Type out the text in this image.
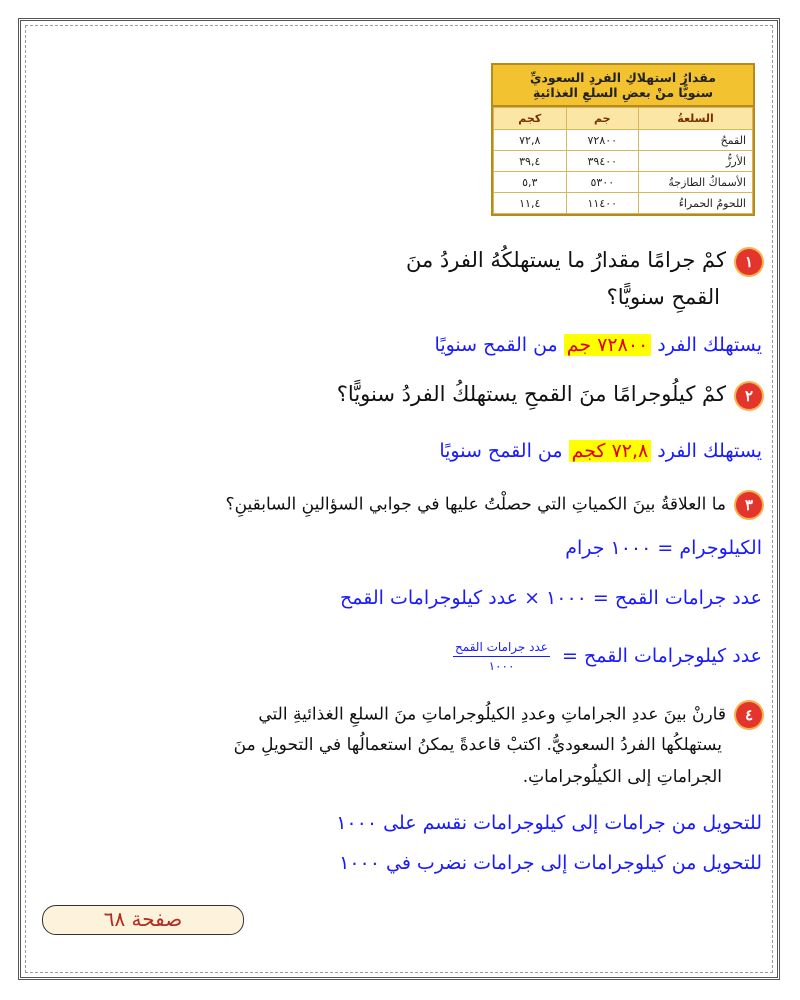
مقدارُ استهلاكِ الفردِ السعوديِّ
سنويًّا منْ بعضِ السلعِ الغذائيةِ
السلعةُ	جم	كجم
القمحُ	٧٢٨٠٠	٧٢,٨
الأرزُّ	٣٩٤٠٠	٣٩,٤
الأسماكُ الطازجةُ	٥٣٠٠	٥,٣
اللحومُ الحمراءُ	١١٤٠٠	١١,٤
١كمْ جرامًا مقدارُ ما يستهلكُهُ الفردُ منَ
القمحِ سنويًّا؟
يستهلك الفرد ٧٢٨٠٠ جم من القمح سنويًا
٢كمْ كيلُوجرامًا منَ القمحِ يستهلكُ الفردُ سنويًّا؟
يستهلك الفرد ٧٢,٨ كجم من القمح سنويًا
٣ما العلاقةُ بينَ الكمياتِ التي حصلْتُ عليها في جوابي السؤالينِ السابقينِ؟
الكيلوجرام = ١٠٠٠ جرام
عدد جرامات القمح = ١٠٠٠ × عدد كيلوجرامات القمح
عدد كيلوجرامات القمح =
$\frac{\text{عدد جرامات القمح}}{١٠٠٠}$
٤قارنْ بينَ عددِ الجراماتِ وعددِ الكيلُوجراماتِ منَ السلعِ الغذائيةِ التي
يستهلكُها الفردُ السعوديُّ. اكتبْ قاعدةً يمكنُ استعمالُها في التحويلِ منَ
الجراماتِ إلى الكيلُوجراماتِ.
للتحويل من جرامات إلى كيلوجرامات نقسم على ١٠٠٠
للتحويل من كيلوجرامات إلى جرامات نضرب في ١٠٠٠
صفحة ٦٨
